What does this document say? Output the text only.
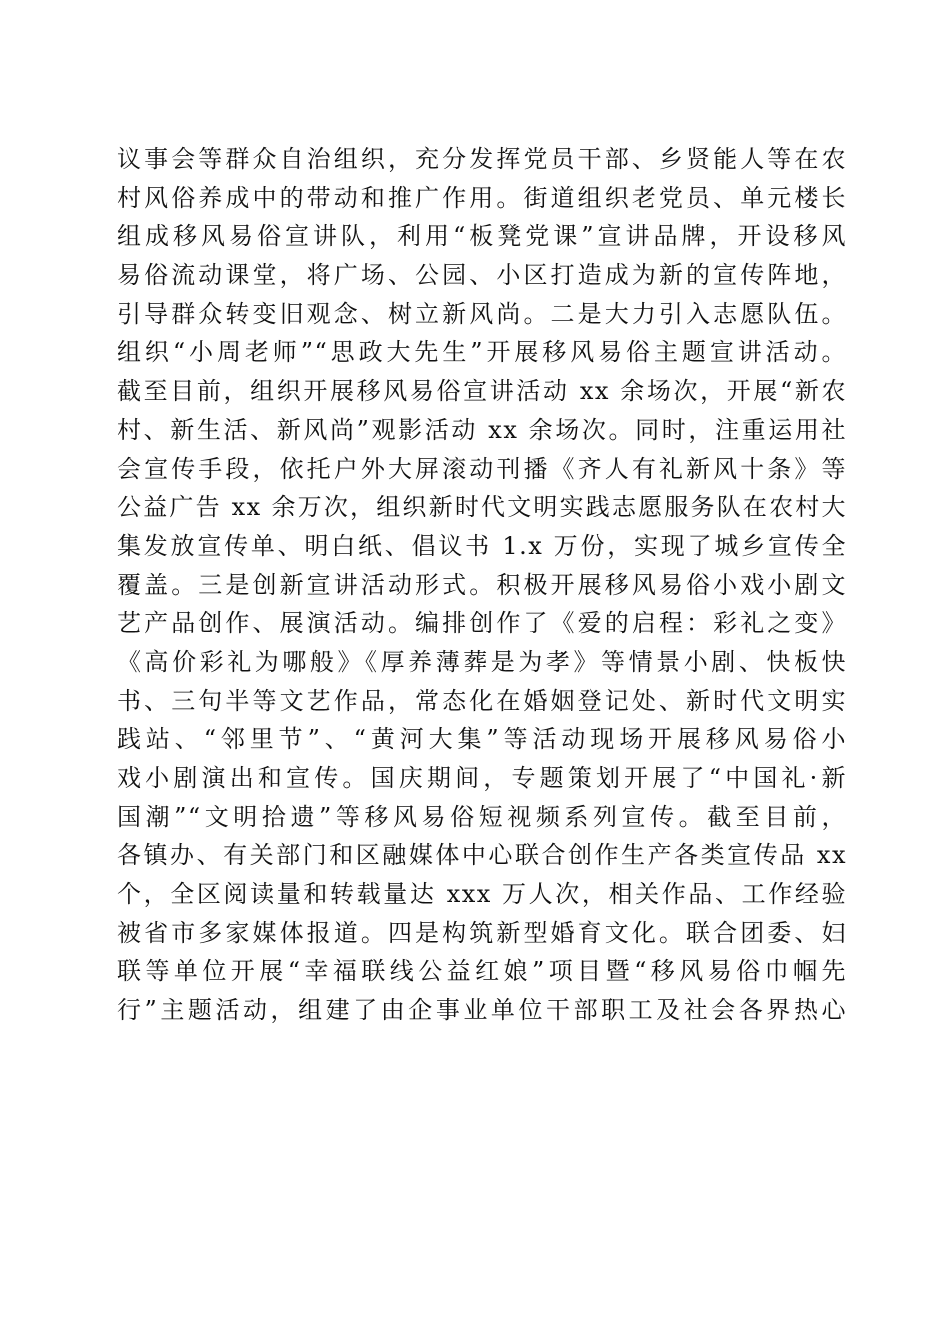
议事会等群众自治组织，充分发挥党员干部、乡贤能人等在农
村风俗养成中的带动和推广作用。街道组织老党员、单元楼长
组成移风易俗宣讲队，利用“板凳党课”宣讲品牌，开设移风
易俗流动课堂，将广场、公园、小区打造成为新的宣传阵地，
引导群众转变旧观念、树立新风尚。二是大力引入志愿队伍。
组织“小周老师”“思政大先生”开展移风易俗主题宣讲活动。
截至目前，组织开展移风易俗宣讲活动 xx 余场次，开展“新农
村、新生活、新风尚”观影活动 xx 余场次。同时，注重运用社
会宣传手段，依托户外大屏滚动刊播《齐人有礼新风十条》等
公益广告 xx 余万次，组织新时代文明实践志愿服务队在农村大
集发放宣传单、明白纸、倡议书 1.x 万份，实现了城乡宣传全
覆盖。三是创新宣讲活动形式。积极开展移风易俗小戏小剧文
艺产品创作、展演活动。编排创作了《爱的启程：彩礼之变》
《高价彩礼为哪般》《厚养薄葬是为孝》等情景小剧、快板快
书、三句半等文艺作品，常态化在婚姻登记处、新时代文明实
践站、“邻里节”、“黄河大集”等活动现场开展移风易俗小
戏小剧演出和宣传。国庆期间，专题策划开展了“中国礼·新
国潮”“文明拾遗”等移风易俗短视频系列宣传。截至目前，
各镇办、有关部门和区融媒体中心联合创作生产各类宣传品 xx
个，全区阅读量和转载量达 xxx 万人次，相关作品、工作经验
被省市多家媒体报道。四是构筑新型婚育文化。联合团委、妇
联等单位开展“幸福联线公益红娘”项目暨“移风易俗巾帼先
行”主题活动，组建了由企事业单位干部职工及社会各界热心
